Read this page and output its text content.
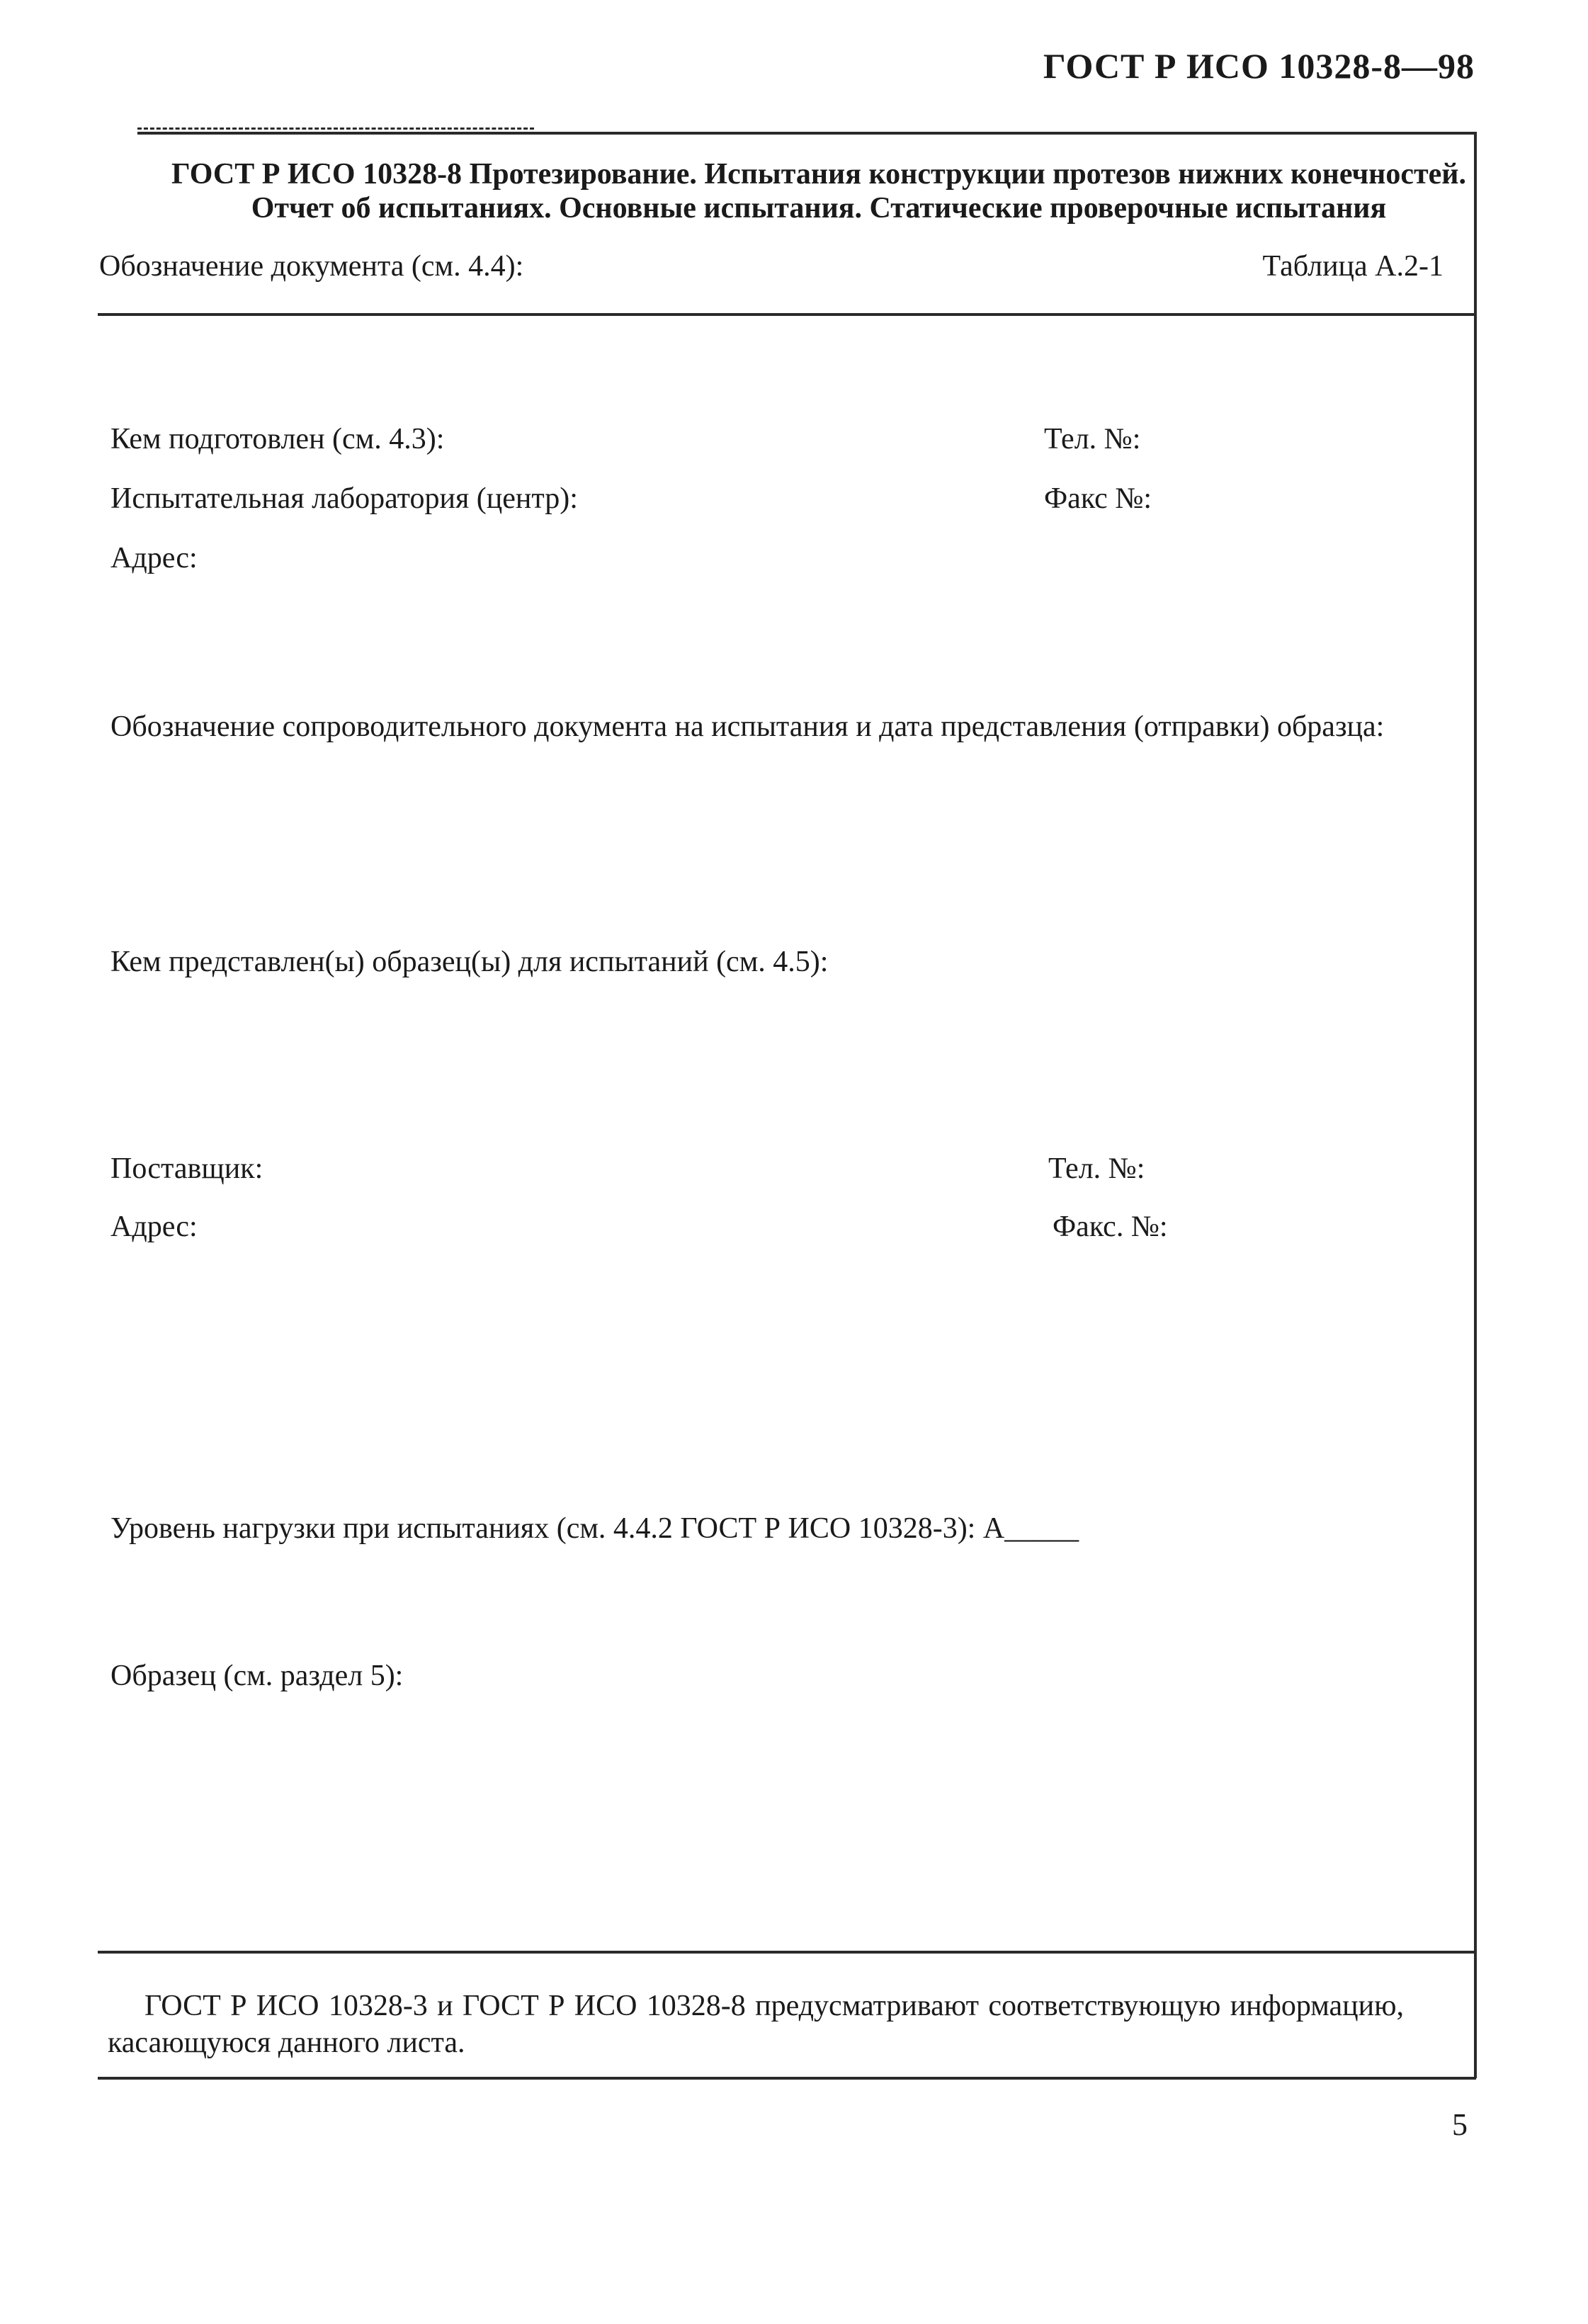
ГОСТ Р ИСО 10328-8—98
ГОСТ Р ИСО 10328-8 Протезирование. Испытания конструкции протезов нижних конечностей.
Отчет об испытаниях. Основные испытания. Статические проверочные испытания
Обозначение документа (см. 4.4):	Таблица А.2-1
Кем подготовлен (см. 4.3):	Тел. №:
Испытательная лаборатория (центр):	Факс №:
Адрес:
Обозначение сопроводительного документа на испытания и дата представления (отправки) образца:
Кем представлен(ы) образец(ы) для испытаний (см. 4.5):
Поставщик:	Тел. №:
Адрес:	Факс. №:
Уровень нагрузки при испытаниях (см. 4.4.2 ГОСТ Р ИСО 10328-3): А_____
Образец (см. раздел 5):
ГОСТ Р ИСО 10328-3 и ГОСТ Р ИСО 10328-8 предусматривают соответствующую информацию,
касающуюся данного листа.
5
